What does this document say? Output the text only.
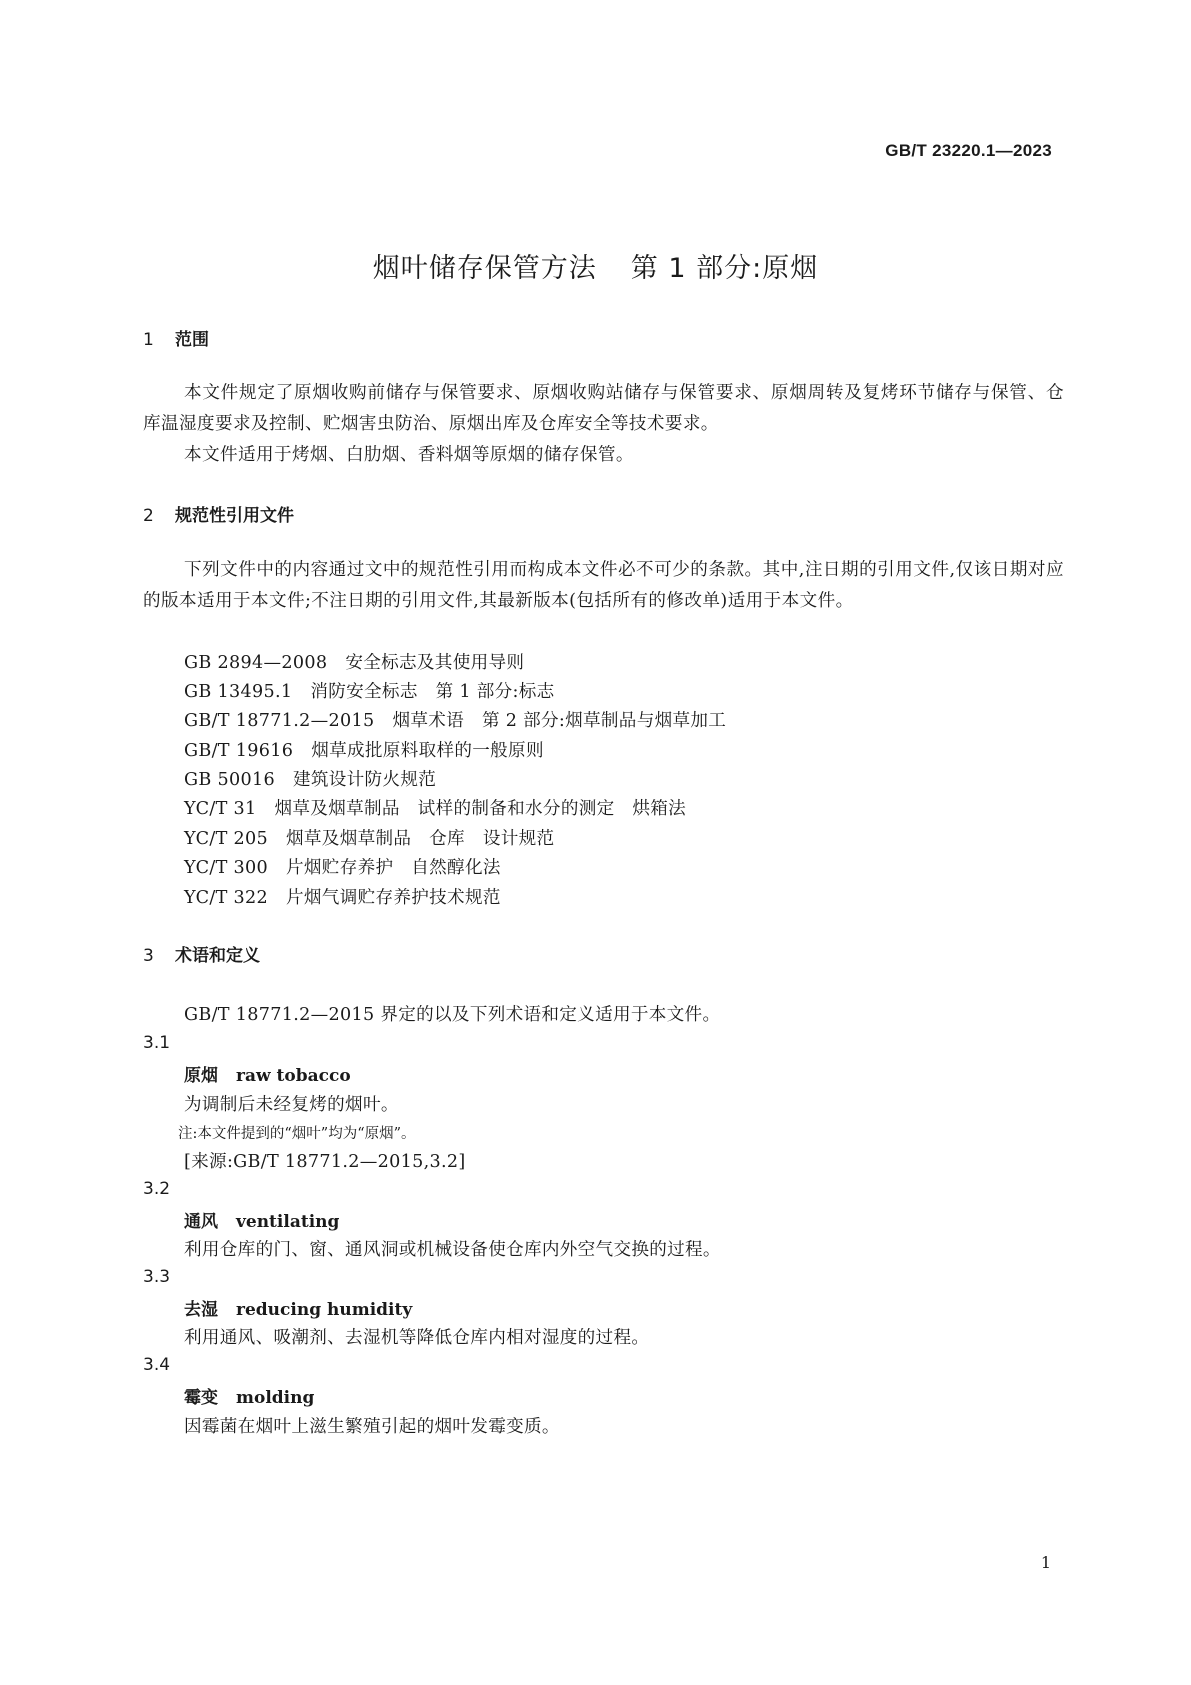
GB/T 23220.1—2023
烟叶储存保管方法 第 1 部分:原烟
1 范围
本文件规定了原烟收购前储存与保管要求、原烟收购站储存与保管要求、原烟周转及复烤环节储存与保管、仓库温湿度要求及控制、贮烟害虫防治、原烟出库及仓库安全等技术要求。
本文件适用于烤烟、白肋烟、香料烟等原烟的储存保管。
2 规范性引用文件
下列文件中的内容通过文中的规范性引用而构成本文件必不可少的条款。其中,注日期的引用文件,仅该日期对应的版本适用于本文件;不注日期的引用文件,其最新版本(包括所有的修改单)适用于本文件。
GB 2894—2008 安全标志及其使用导则
GB 13495.1 消防安全标志　第 1 部分:标志
GB/T 18771.2—2015 烟草术语　第 2 部分:烟草制品与烟草加工
GB/T 19616 烟草成批原料取样的一般原则
GB 50016 建筑设计防火规范
YC/T 31 烟草及烟草制品　试样的制备和水分的测定　烘箱法
YC/T 205 烟草及烟草制品　仓库　设计规范
YC/T 300 片烟贮存养护　自然醇化法
YC/T 322 片烟气调贮存养护技术规范
3 术语和定义
GB/T 18771.2—2015 界定的以及下列术语和定义适用于本文件。
3.1
原烟 raw tobacco
为调制后未经复烤的烟叶。
注:本文件提到的“烟叶”均为“原烟”。
[来源:GB/T 18771.2—2015,3.2]
3.2
通风 ventilating
利用仓库的门、窗、通风洞或机械设备使仓库内外空气交换的过程。
3.3
去湿 reducing humidity
利用通风、吸潮剂、去湿机等降低仓库内相对湿度的过程。
3.4
霉变 molding
因霉菌在烟叶上滋生繁殖引起的烟叶发霉变质。
1
